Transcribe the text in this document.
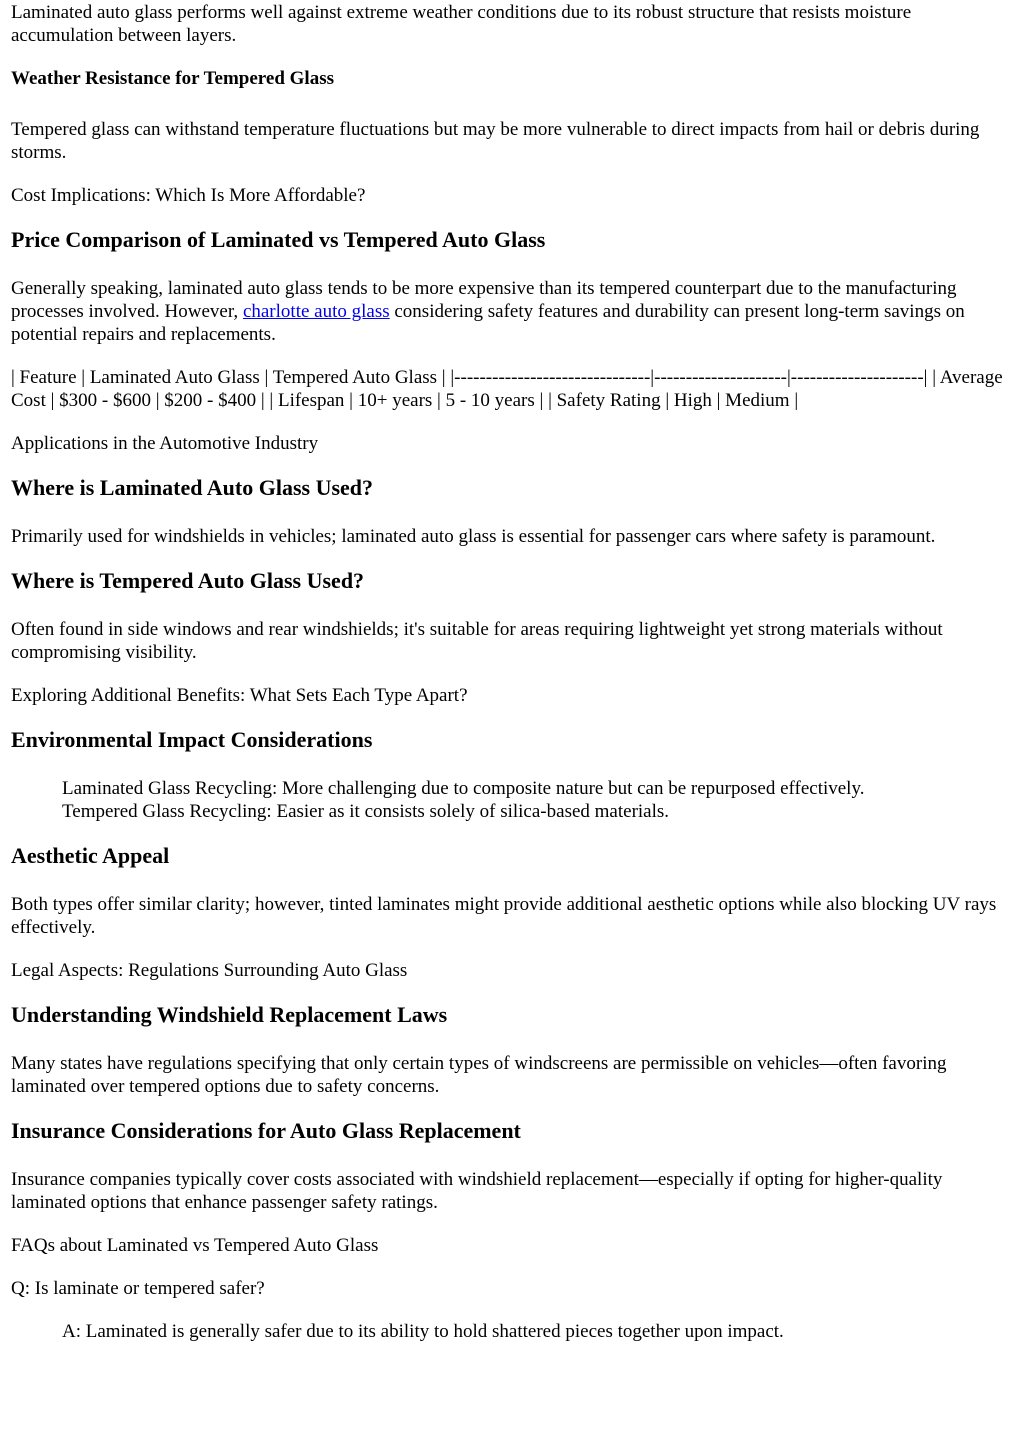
Laminated auto glass performs well against extreme weather conditions due to its robust structure that resists moisture accumulation between layers.

Weather Resistance for Tempered Glass

Tempered glass can withstand temperature fluctuations but may be more vulnerable to direct impacts from hail or debris during storms.

Cost Implications: Which Is More Affordable?

Price Comparison of Laminated vs Tempered Auto Glass

Generally speaking, laminated auto glass tends to be more expensive than its tempered counterpart due to the manufacturing processes involved. However, charlotte auto glass considering safety features and durability can present long-term savings on potential repairs and replacements.

| Feature | Laminated Auto Glass | Tempered Auto Glass | |-------------------------------|---------------------|---------------------| | Average Cost | $300 - $600 | $200 - $400 | | Lifespan | 10+ years | 5 - 10 years | | Safety Rating | High | Medium |

Applications in the Automotive Industry

Where is Laminated Auto Glass Used?

Primarily used for windshields in vehicles; laminated auto glass is essential for passenger cars where safety is paramount.

Where is Tempered Auto Glass Used?

Often found in side windows and rear windshields; it's suitable for areas requiring lightweight yet strong materials without compromising visibility.

Exploring Additional Benefits: What Sets Each Type Apart?

Environmental Impact Considerations
Laminated Glass Recycling: More challenging due to composite nature but can be repurposed effectively.
Tempered Glass Recycling: Easier as it consists solely of silica-based materials.
Aesthetic Appeal

Both types offer similar clarity; however, tinted laminates might provide additional aesthetic options while also blocking UV rays effectively.

Legal Aspects: Regulations Surrounding Auto Glass

Understanding Windshield Replacement Laws

Many states have regulations specifying that only certain types of windscreens are permissible on vehicles—often favoring laminated over tempered options due to safety concerns.

Insurance Considerations for Auto Glass Replacement

Insurance companies typically cover costs associated with windshield replacement—especially if opting for higher-quality laminated options that enhance passenger safety ratings.

FAQs about Laminated vs Tempered Auto Glass

Q: Is laminate or tempered safer?

A: Laminated is generally safer due to its ability to hold shattered pieces together upon impact.
